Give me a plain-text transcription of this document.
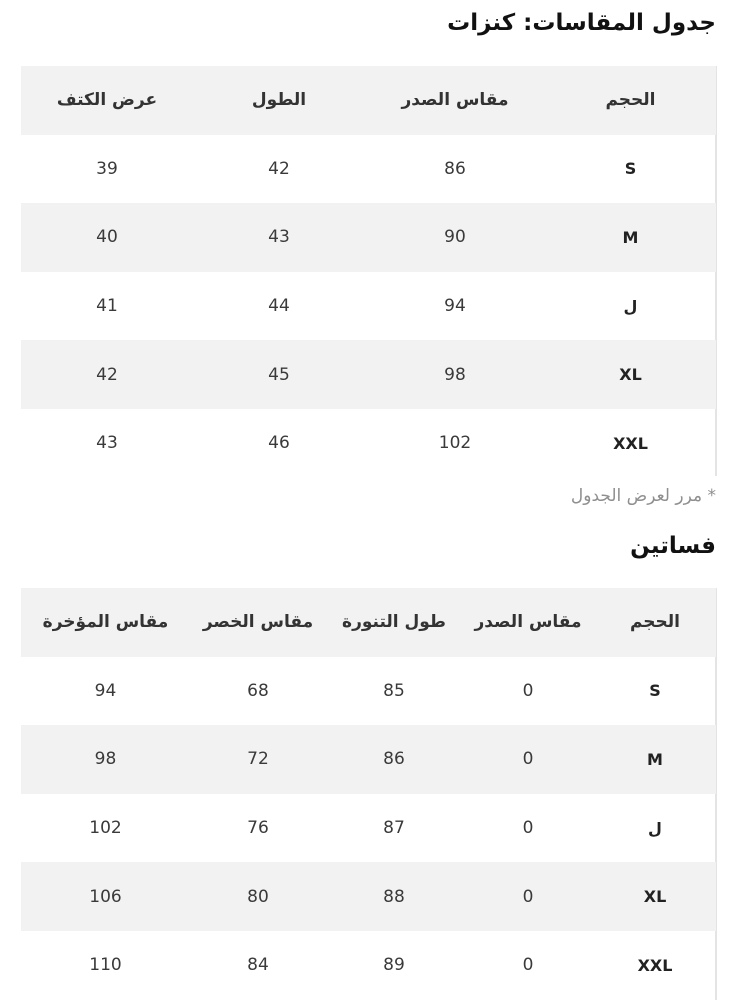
جدول المقاسات: كنزات
الحجم	مقاس الصدر	الطول	عرض الكتف
S	86	42	39
M	90	43	40
ل	94	44	41
XL	98	45	42
XXL	102	46	43
* مرر لعرض الجدول
فساتين
الحجم	مقاس الصدر	طول التنورة	مقاس الخصر	مقاس المؤخرة
S	0	85	68	94
M	0	86	72	98
ل	0	87	76	102
XL	0	88	80	106
XXL	0	89	84	110
